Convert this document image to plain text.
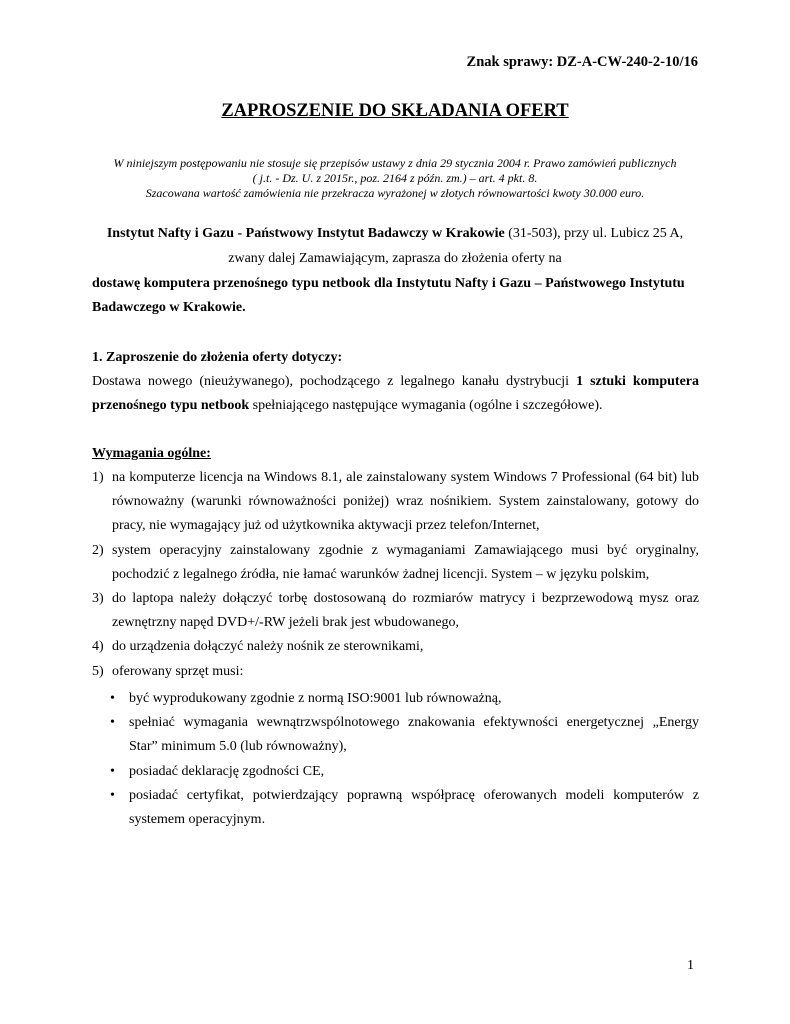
Znak sprawy: DZ-A-CW-240-2-10/16
ZAPROSZENIE DO SKŁADANIA OFERT
W niniejszym postępowaniu nie stosuje się przepisów ustawy z dnia 29 stycznia 2004 r. Prawo zamówień publicznych
( j.t. - Dz. U. z 2015r., poz. 2164 z późn. zm.) – art. 4 pkt. 8.
Szacowana wartość zamówienia nie przekracza wyrażonej w złotych równowartości kwoty 30.000 euro.
Instytut Nafty i Gazu - Państwowy Instytut Badawczy w Krakowie (31-503), przy ul. Lubicz 25 A,
zwany dalej Zamawiającym, zaprasza do złożenia oferty na
dostawę komputera przenośnego typu netbook dla Instytutu Nafty i Gazu – Państwowego Instytutu
Badawczego w Krakowie.
1. Zaproszenie do złożenia oferty dotyczy:
Dostawa nowego (nieużywanego), pochodzącego z legalnego kanału dystrybucji 1 sztuki komputera przenośnego typu netbook spełniającego następujące wymagania (ogólne i szczegółowe).
Wymagania ogólne:
1) na komputerze licencja na Windows 8.1, ale zainstalowany system Windows 7 Professional (64 bit) lub równoważny (warunki równoważności poniżej) wraz nośnikiem. System zainstalowany, gotowy do pracy, nie wymagający już od użytkownika aktywacji przez telefon/Internet,
2) system operacyjny zainstalowany zgodnie z wymaganiami Zamawiającego musi być oryginalny, pochodzić z legalnego źródła, nie łamać warunków żadnej licencji. System – w języku polskim,
3) do laptopa należy dołączyć torbę dostosowaną do rozmiarów matrycy i bezprzewodową mysz oraz zewnętrzny napęd DVD+/-RW jeżeli brak jest wbudowanego,
4) do urządzenia dołączyć należy nośnik ze sterownikami,
5) oferowany sprzęt musi:
• być wyprodukowany zgodnie z normą ISO:9001 lub równoważną,
• spełniać wymagania wewnątrzwspólnotowego znakowania efektywności energetycznej „Energy Star” minimum 5.0 (lub równoważny),
• posiadać deklarację zgodności CE,
• posiadać certyfikat, potwierdzający poprawną współpracę oferowanych modeli komputerów z systemem operacyjnym.
1
